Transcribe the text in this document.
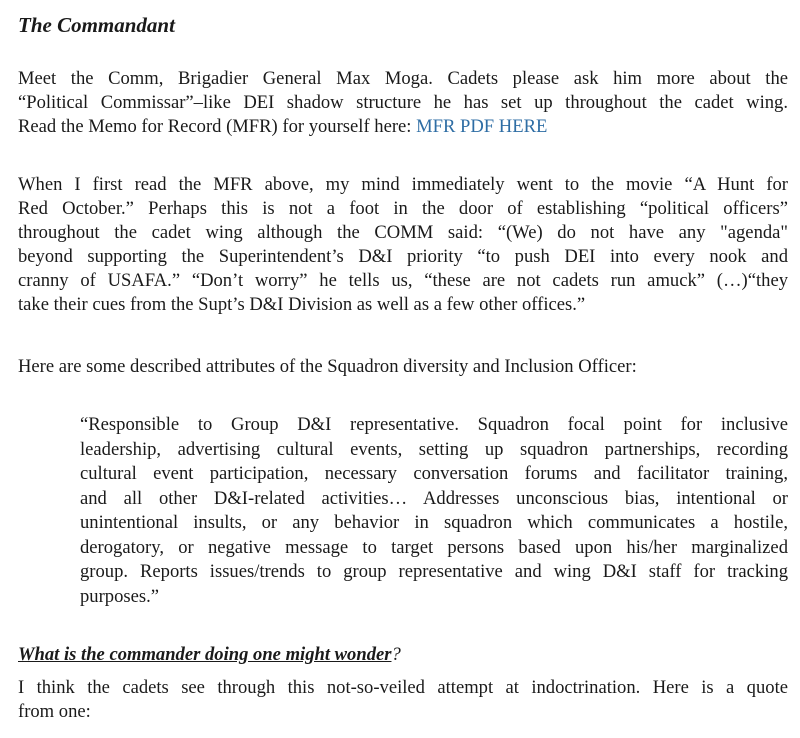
The Commandant
Meet the Comm, Brigadier General Max Moga. Cadets please ask him more about the
“Political Commissar”–like DEI shadow structure he has set up throughout the cadet wing.
Read the Memo for Record (MFR) for yourself here: MFR PDF HERE
When I first read the MFR above, my mind immediately went to the movie “A Hunt for
Red October.” Perhaps this is not a foot in the door of establishing “political officers”
throughout the cadet wing although the COMM said: “(We) do not have any "agenda"
beyond supporting the Superintendent’s D&I priority “to push DEI into every nook and
cranny of USAFA.” “Don’t worry” he tells us, “these are not cadets run amuck” (…)“they
take their cues from the Supt’s D&I Division as well as a few other offices.”
Here are some described attributes of the Squadron diversity and Inclusion Officer:
“Responsible to Group D&I representative. Squadron focal point for inclusive
leadership, advertising cultural events, setting up squadron partnerships, recording
cultural event participation, necessary conversation forums and facilitator training,
and all other D&I-related activities… Addresses unconscious bias, intentional or
unintentional insults, or any behavior in squadron which communicates a hostile,
derogatory, or negative message to target persons based upon his/her marginalized
group. Reports issues/trends to group representative and wing D&I staff for tracking
purposes.”
What is the commander doing one might wonder?
I think the cadets see through this not-so-veiled attempt at indoctrination. Here is a quote
from one:
